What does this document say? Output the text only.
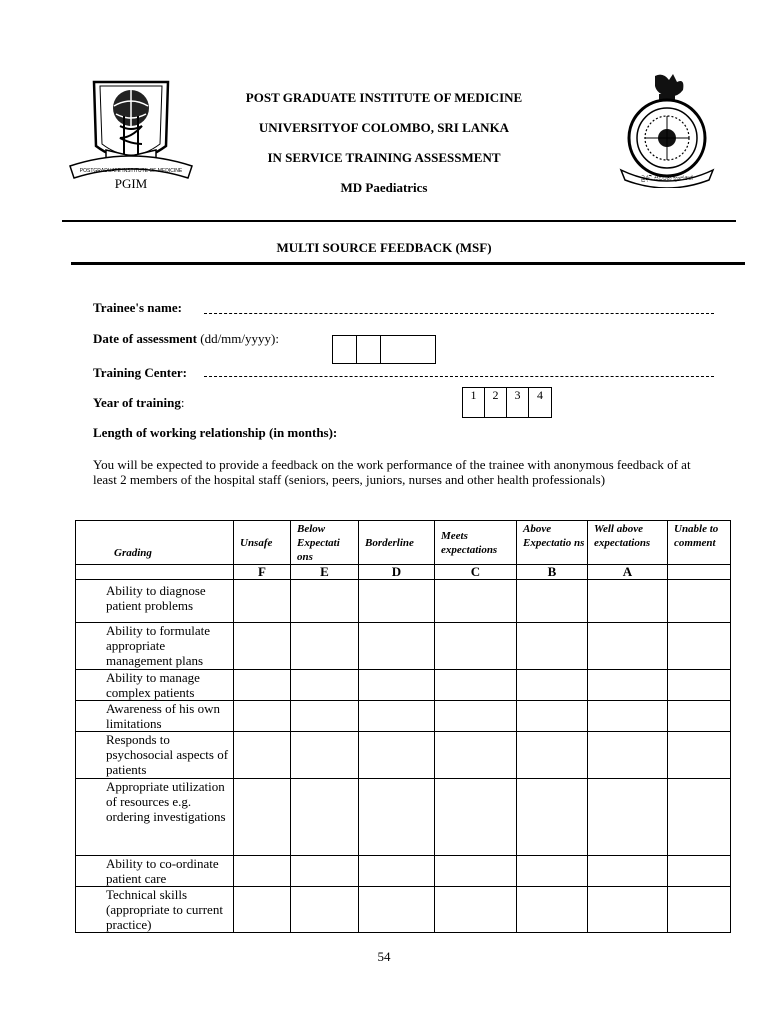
POSTGRADUATE INSTITUTE OF MEDICINE
PGIM	බුද්ධි සර්වත්‍ර භ්‍රාජතේ
POST GRADUATE INSTITUTE OF MEDICINE
UNIVERSITYOF COLOMBO, SRI LANKA
IN SERVICE TRAINING ASSESSMENT
MD Paediatrics
MULTI SOURCE FEEDBACK (MSF)
Trainee's name:
Date of assessment (dd/mm/yyyy):
Training Center:
Year of training:	1	2	3	4
Length of working relationship (in months):
You will be expected to provide a feedback on the work performance of the trainee with anonymous feedback of at least 2 members of the hospital staff (seniors, peers, juniors, nurses and other health professionals)
Grading	Unsafe	Below Expectati ons	Borderline	Meets expectations	Above Expectatio ns	Well above expectations	Unable to comment
	F	E	D	C	B	A	
Ability to diagnose patient problems							
Ability to formulate appropriate management plans							
Ability to manage complex patients							
Awareness of his own limitations							
Responds to psychosocial aspects of patients							
Appropriate utilization of resources e.g. ordering investigations							
Ability to co-ordinate patient care							
Technical skills (appropriate to current practice)							
54
